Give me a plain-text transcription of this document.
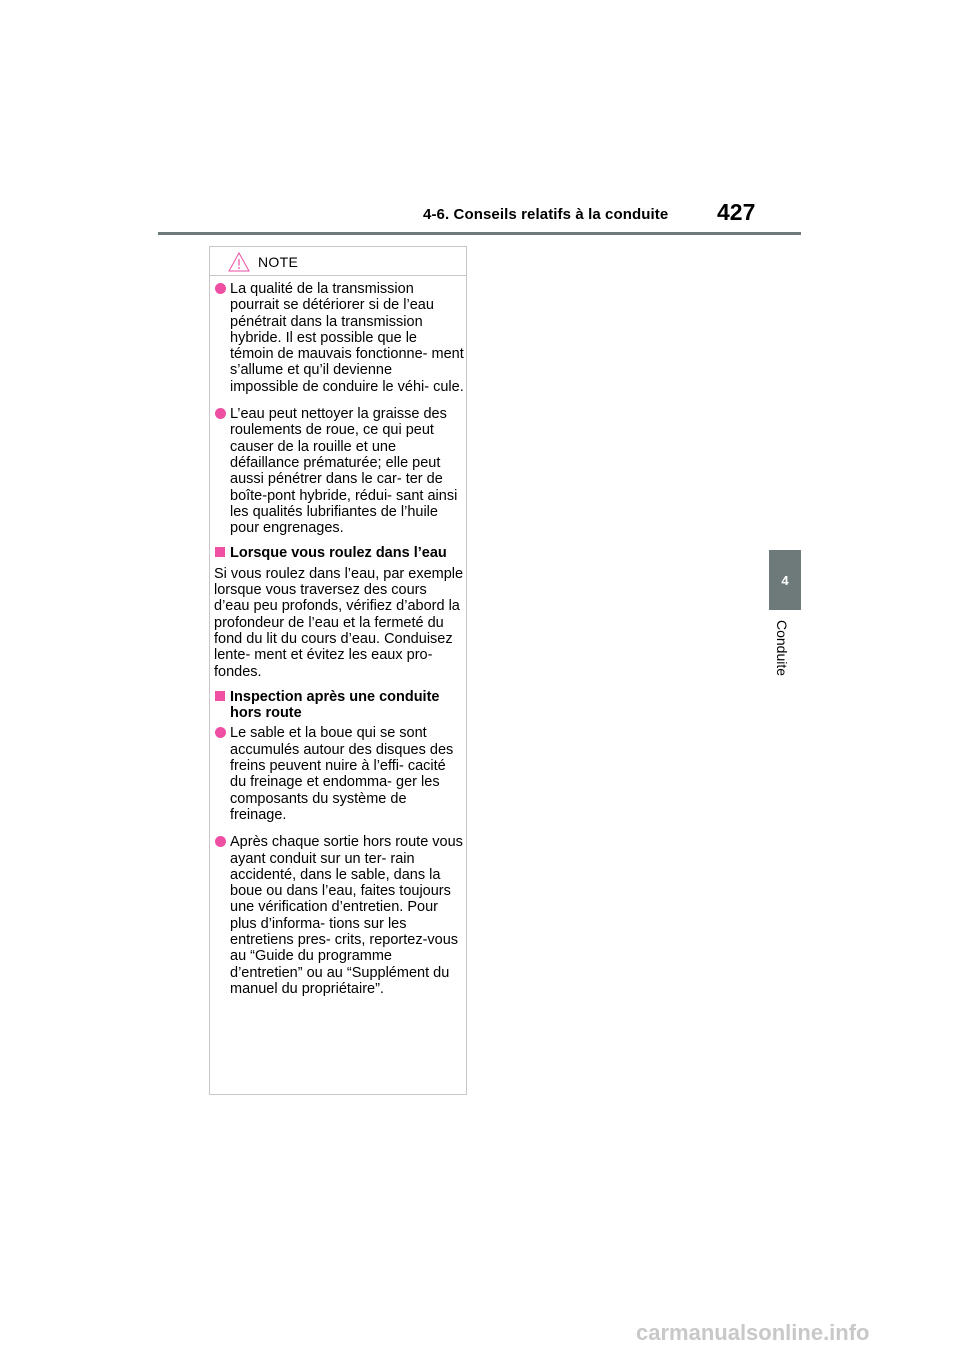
4-6. Conseils relatifs à la conduite 427
4
Conduite
NOTE
La qualité de la transmission pourrait se détériorer si de l’eau pénétrait dans la transmission hybride. Il est possible que le témoin de mauvais fonctionne- ment s’allume et qu’il devienne impossible de conduire le véhi- cule.
L’eau peut nettoyer la graisse des roulements de roue, ce qui peut causer de la rouille et une défaillance prématurée; elle peut aussi pénétrer dans le car- ter de boîte-pont hybride, rédui- sant ainsi les qualités lubrifiantes de l’huile pour engrenages.
Lorsque vous roulez dans l’eau
Si vous roulez dans l’eau, par exemple lorsque vous traversez des cours d’eau peu profonds, vérifiez d’abord la profondeur de l’eau et la fermeté du fond du lit du cours d’eau. Conduisez lente- ment et évitez les eaux pro- fondes.
Inspection après une conduite hors route
Le sable et la boue qui se sont accumulés autour des disques des freins peuvent nuire à l’effi- cacité du freinage et endomma- ger les composants du système de freinage.
Après chaque sortie hors route vous ayant conduit sur un ter- rain accidenté, dans le sable, dans la boue ou dans l’eau, faites toujours une vérification d’entretien. Pour plus d’informa- tions sur les entretiens pres- crits, reportez-vous au “Guide du programme d’entretien” ou au “Supplément du manuel du propriétaire”.
carmanualsonline.info
